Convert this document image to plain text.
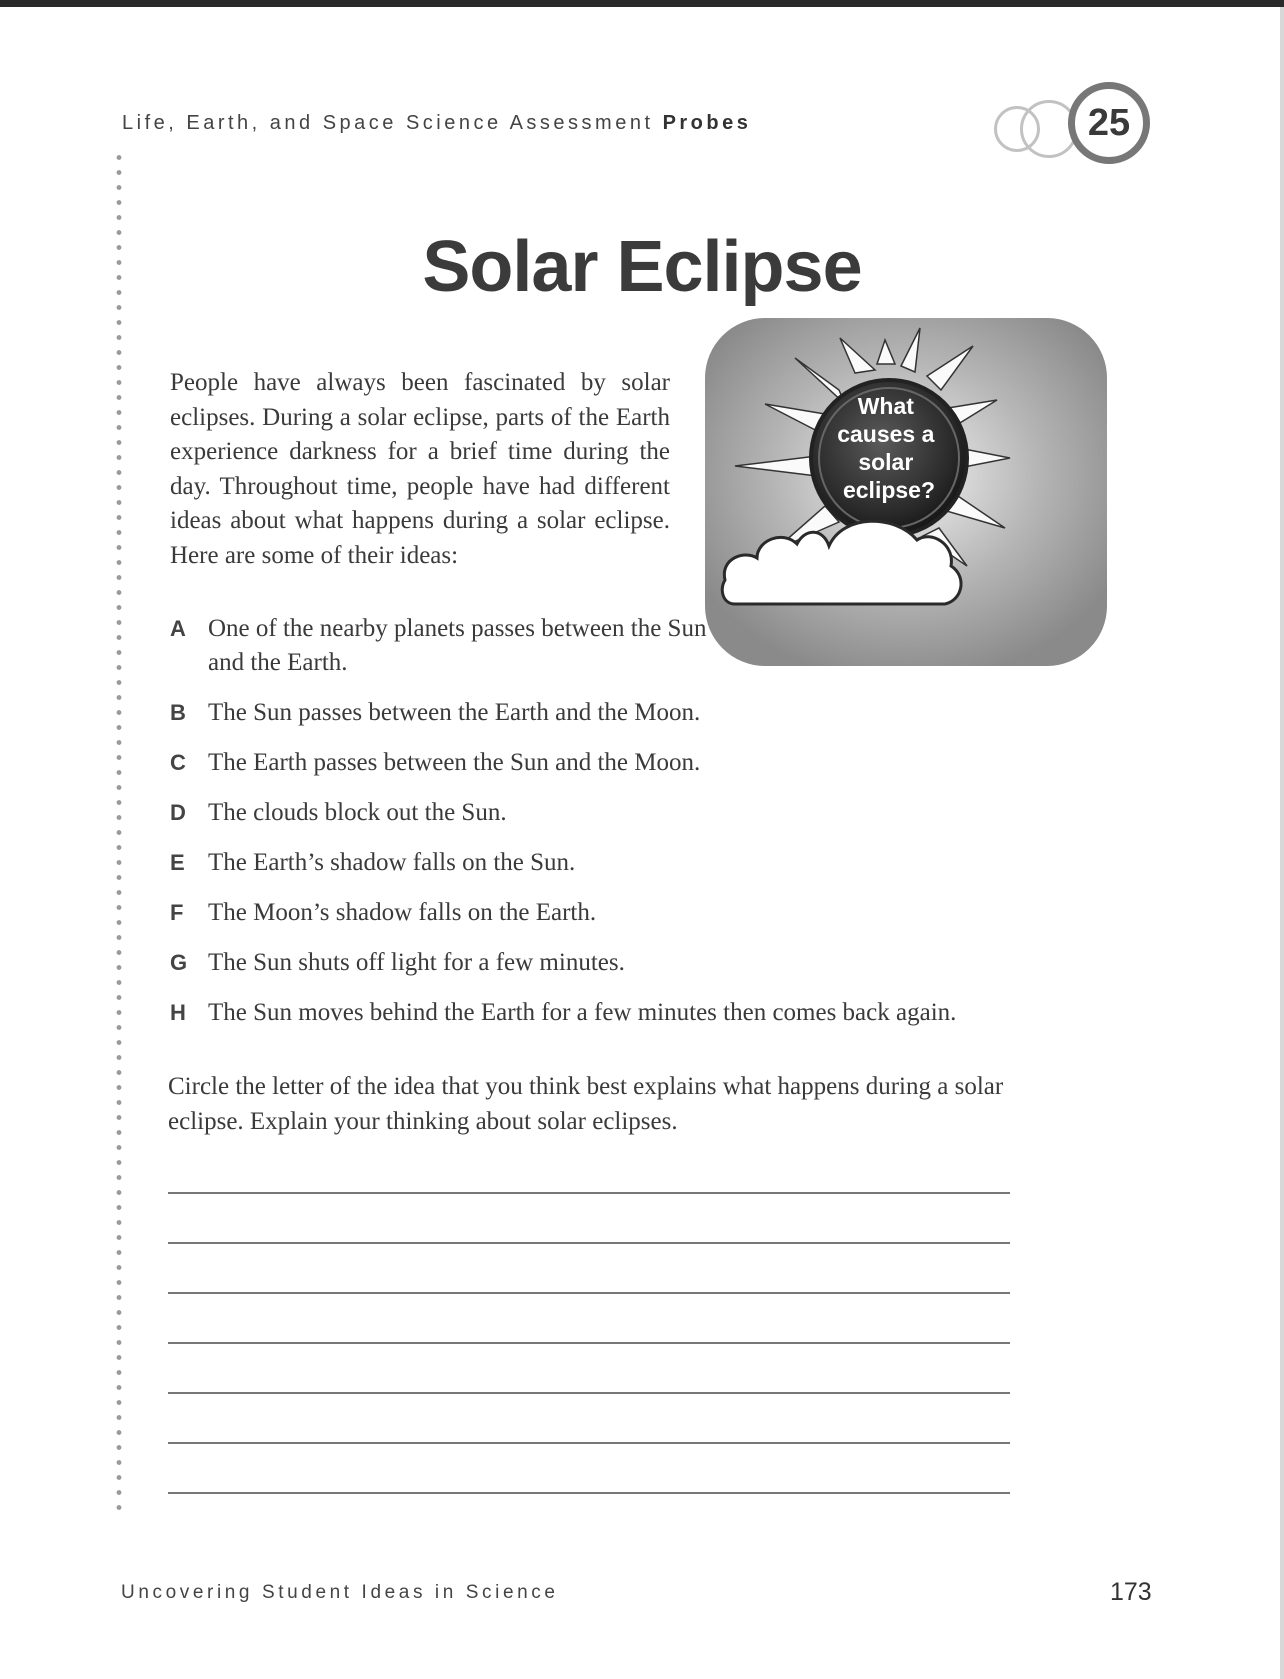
Life, Earth, and Space Science Assessment Probes	25
Solar Eclipse
People have always been fascinated by solar eclipses. During a solar eclipse, parts of the Earth experience darkness for a brief time during the day. Throughout time, people have had different ideas about what happens during a solar eclipse. Here are some of their ideas:
What causes a solar eclipse?
A One of the nearby planets passes between the Sun and the Earth.
B The Sun passes between the Earth and the Moon.
C The Earth passes between the Sun and the Moon.
D The clouds block out the Sun.
E The Earth’s shadow falls on the Sun.
F The Moon’s shadow falls on the Earth.
G The Sun shuts off light for a few minutes.
H The Sun moves behind the Earth for a few minutes then comes back again.
Circle the letter of the idea that you think best explains what happens during a solar eclipse. Explain your thinking about solar eclipses.
Uncovering Student Ideas in Science	173
